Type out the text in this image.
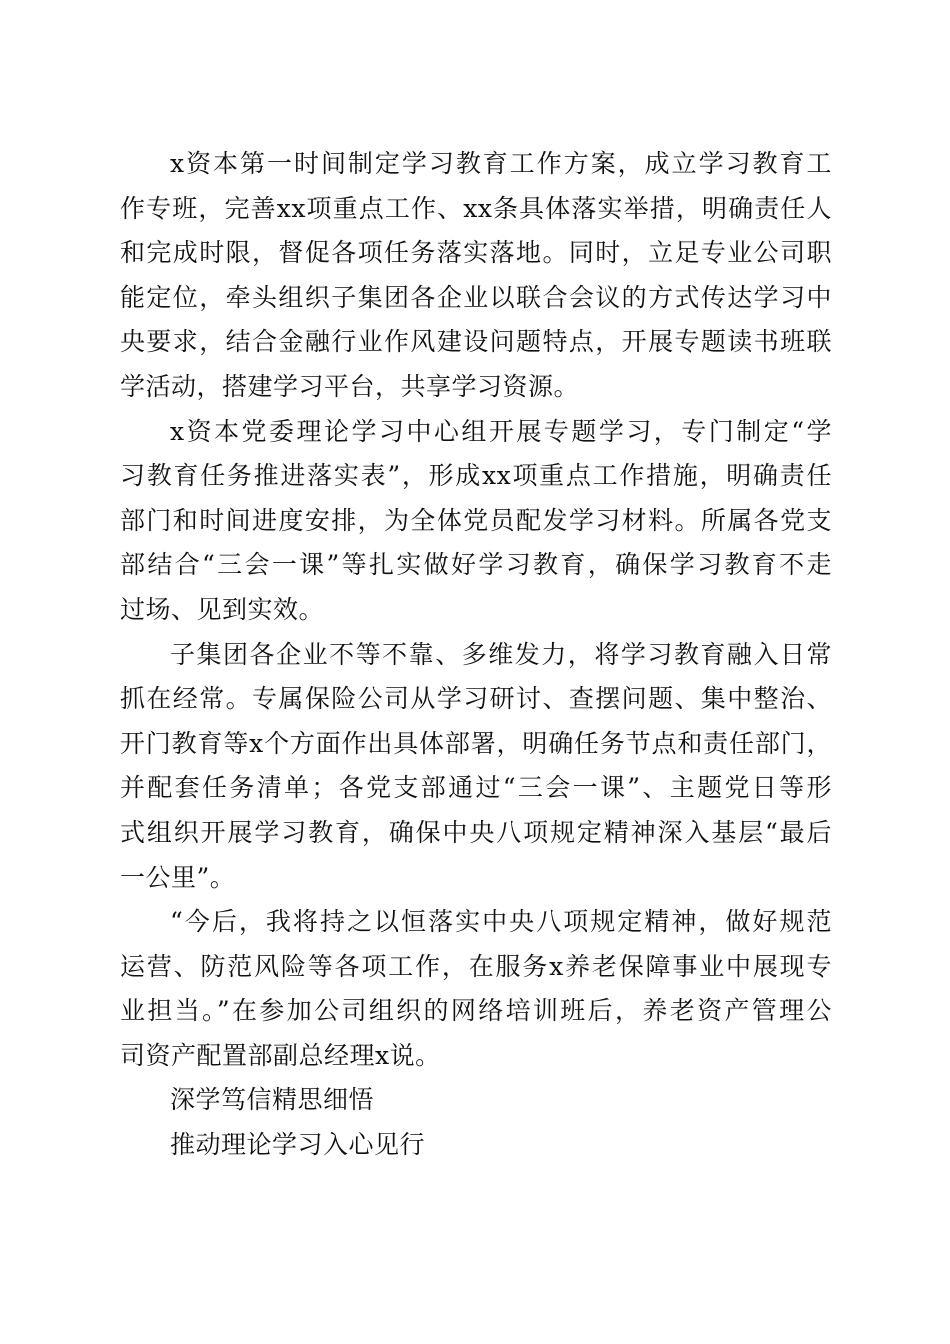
x资本第一时间制定学习教育工作方案，成立学习教育工
作专班，完善xx项重点工作、xx条具体落实举措，明确责任人
和完成时限，督促各项任务落实落地。同时，立足专业公司职
能定位，牵头组织子集团各企业以联合会议的方式传达学习中
央要求，结合金融行业作风建设问题特点，开展专题读书班联
学活动，搭建学习平台，共享学习资源。
x资本党委理论学习中心组开展专题学习，专门制定“学
习教育任务推进落实表”，形成xx项重点工作措施，明确责任
部门和时间进度安排，为全体党员配发学习材料。所属各党支
部结合“三会一课”等扎实做好学习教育，确保学习教育不走
过场、见到实效。
子集团各企业不等不靠、多维发力，将学习教育融入日常
抓在经常。专属保险公司从学习研讨、查摆问题、集中整治、
开门教育等x个方面作出具体部署，明确任务节点和责任部门，
并配套任务清单；各党支部通过“三会一课”、主题党日等形
式组织开展学习教育，确保中央八项规定精神深入基层“最后
一公里”。
“今后，我将持之以恒落实中央八项规定精神，做好规范
运营、防范风险等各项工作，在服务x养老保障事业中展现专
业担当。”在参加公司组织的网络培训班后，养老资产管理公
司资产配置部副总经理x说。
深学笃信精思细悟
推动理论学习入心见行
